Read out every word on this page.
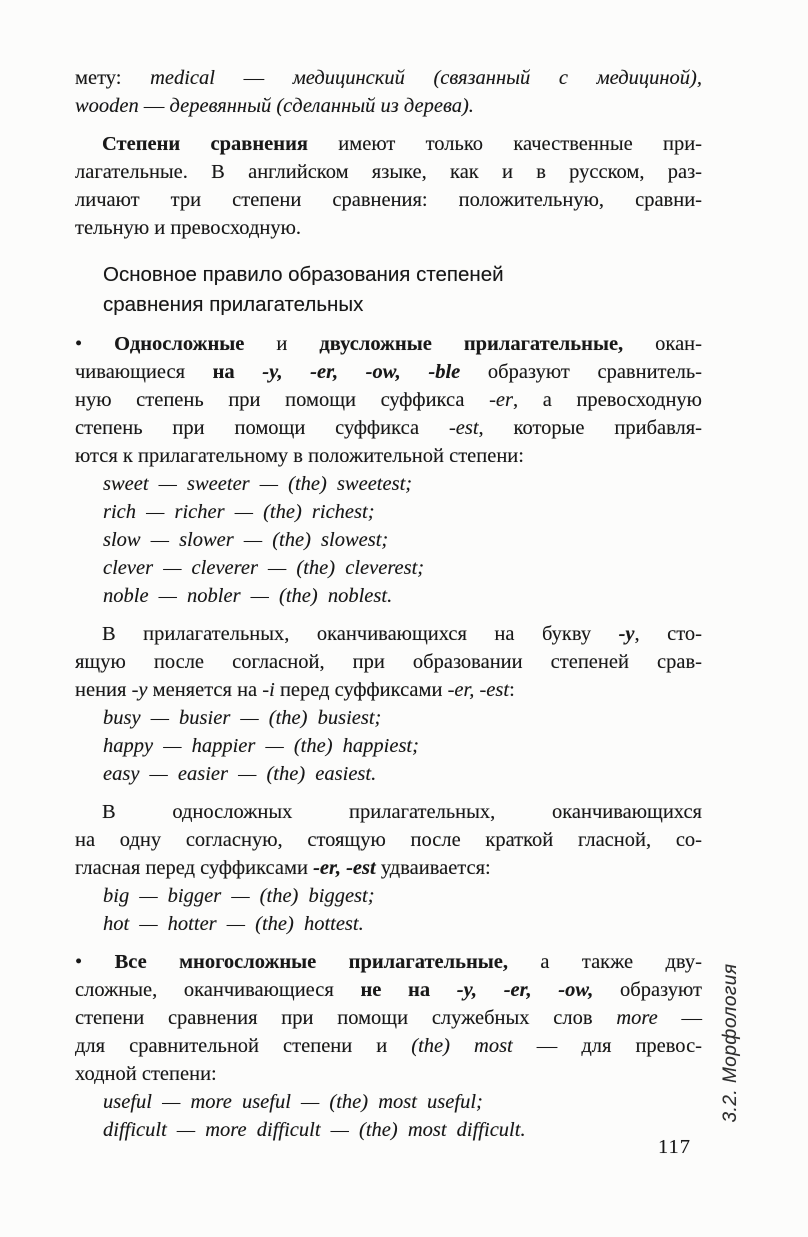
мету: medical — медицинский (связанный с медициной),
wooden — деревянный (сделанный из дерева).
Степени сравнения имеют только качественные при-
лагательные. В английском языке, как и в русском, раз-
личают три степени сравнения: положительную, сравни-
тельную и превосходную.
Основное правило образования степеней
сравнения прилагательных
• Односложные и двусложные прилагательные, окан-
чивающиеся на -y, -er, -ow, -ble образуют сравнитель-
ную степень при помощи суффикса -er, а превосходную
степень при помощи суффикса -est, которые прибавля-
ются к прилагательному в положительной степени:
sweet — sweeter — (the) sweetest;
rich — richer — (the) richest;
slow — slower — (the) slowest;
clever — cleverer — (the) cleverest;
noble — nobler — (the) noblest.
В прилагательных, оканчивающихся на букву -y, сто-
ящую после согласной, при образовании степеней срав-
нения -y меняется на -i перед суффиксами -er, -est:
busy — busier — (the) busiest;
happy — happier — (the) happiest;
easy — easier — (the) easiest.
В односложных прилагательных, оканчивающихся
на одну согласную, стоящую после краткой гласной, со-
гласная перед суффиксами -er, -est удваивается:
big — bigger — (the) biggest;
hot — hotter — (the) hottest.
• Все многосложные прилагательные, а также дву-
сложные, оканчивающиеся не на -y, -er, -ow, образуют
степени сравнения при помощи служебных слов more —
для сравнительной степени и (the) most — для превос-
ходной степени:
useful — more useful — (the) most useful;
difficult — more difficult — (the) most difficult.
3.2. Морфология
117
